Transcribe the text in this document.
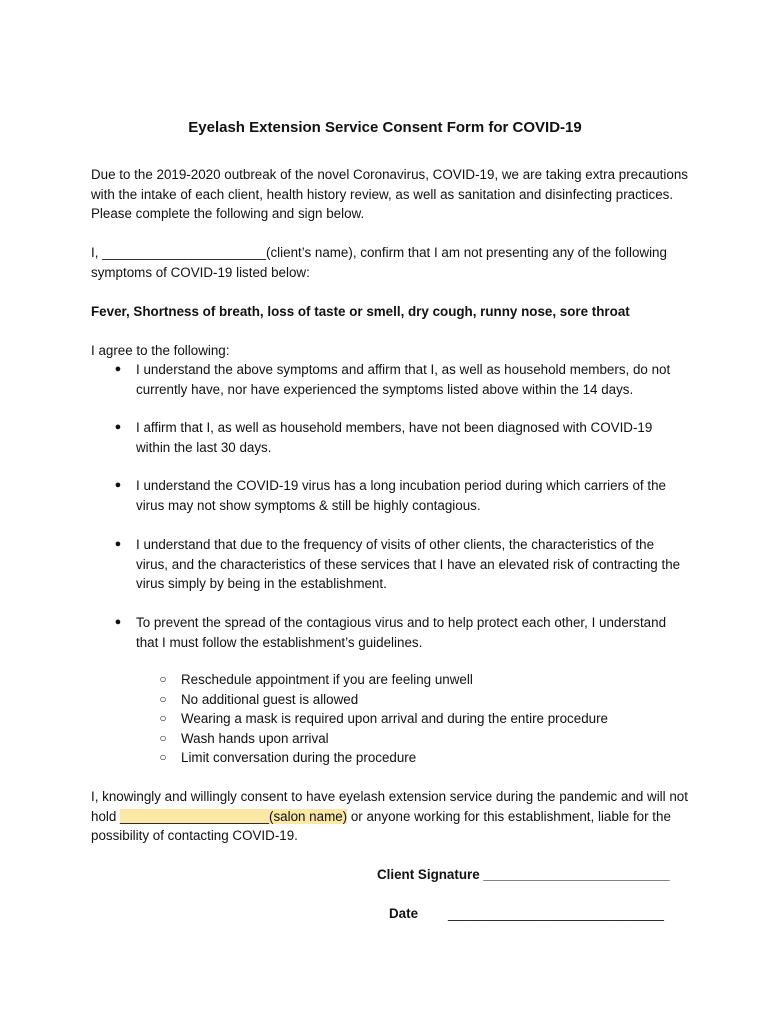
Eyelash Extension Service Consent Form for COVID-19

Due to the 2019-2020 outbreak of the novel Coronavirus, COVID-19, we are taking extra precautions with the intake of each client, health history review, as well as sanitation and disinfecting practices. Please complete the following and sign below.

I, ______________________(client’s name), confirm that I am not presenting any of the following symptoms of COVID-19 listed below:

Fever, Shortness of breath, loss of taste or smell, dry cough, runny nose, sore throat

I agree to the following:

● I understand the above symptoms and affirm that I, as well as household members, do not currently have, nor have experienced the symptoms listed above within the 14 days.
● I affirm that I, as well as household members, have not been diagnosed with COVID-19 within the last 30 days.
● I understand the COVID-19 virus has a long incubation period during which carriers of the virus may not show symptoms & still be highly contagious.
● I understand that due to the frequency of visits of other clients, the characteristics of the virus, and the characteristics of these services that I have an elevated risk of contracting the virus simply by being in the establishment.
● To prevent the spread of the contagious virus and to help protect each other, I understand that I must follow the establishment’s guidelines.
○ Reschedule appointment if you are feeling unwell
○ No additional guest is allowed
○ Wearing a mask is required upon arrival and during the entire procedure
○ Wash hands upon arrival
○ Limit conversation during the procedure

I, knowingly and willingly consent to have eyelash extension service during the pandemic and will not hold ____________________(salon name) or anyone working for this establishment, liable for the possibility of contacting COVID-19.

Client Signature _________________________
Date _____________________________
